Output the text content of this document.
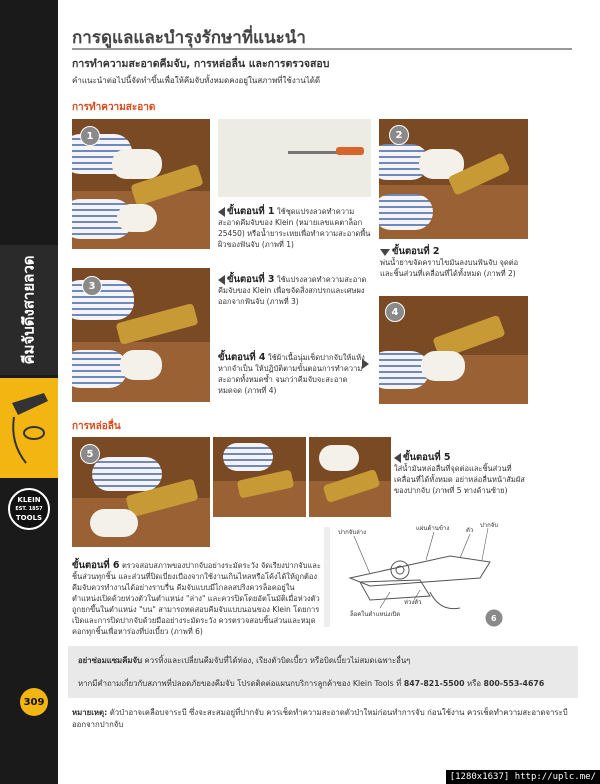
คีมจับดึงสายลวด
KLEIN
EST. 1857
TOOLS
309
การดูแลและบำรุงรักษาที่แนะนำ
การทำความสะอาดคีมจับ, การหล่อลื่น และการตรวจสอบ
คำแนะนำต่อไปนี้จัดทำขึ้นเพื่อให้คีมจับทั้งหมดคงอยู่ในสภาพที่ใช้งานได้ดี
การทำความสะอาด
1
ขั้นตอนที่ 1 ใช้ชุดแปรงลวดทำความสะอาดคีมจับของ Klein (หมายเลขแคตาล็อก 25450) หรือน้ำยาระเหยเพื่อทำความสะอาดพื้นผิวของฟันจับ (ภาพที่ 1)
2
ขั้นตอนที่ 2
พ่นน้ำยาขจัดคราบไขมันลงบนฟันจับ จุดต่อและชิ้นส่วนที่เคลื่อนที่ได้ทั้งหมด (ภาพที่ 2)
3
ขั้นตอนที่ 3 ใช้แปรงลวดทำความสะอาดคีมจับของ Klein เพื่อขจัดสิ่งสกปรกและเศษผงออกจากฟันจับ (ภาพที่ 3)
4
ขั้นตอนที่ 4 ใช้ผ้าเนื้อนุ่มเช็ดปากจับให้แห้ง หากจำเป็น ให้ปฏิบัติตามขั้นตอนการทำความสะอาดทั้งหมดซ้ำ จนกว่าคีมจับจะสะอาดหมดจด (ภาพที่ 4)
การหล่อลื่น
5	ขั้นตอนที่ 5
ใส่น้ำมันหล่อลื่นที่จุดต่อและชิ้นส่วนที่เคลื่อนที่ได้ทั้งหมด อย่าหล่อลื่นหน้าสัมผัสของปากจับ (ภาพที่ 5 ทางด้านซ้าย)
ขั้นตอนที่ 6 ตรวจสอบสภาพของปากจับอย่างระมัดระวัง จัดเรียงปากจับและชิ้นส่วนทุกชิ้น และส่วนที่ปิดเบี่ยงเบืองจากใช้งานเกินไหลหรือโค้งได้ให้ถูกต้อง คีมจับควรทำงานได้อย่างราบรื่น คีมจับแบบมีไกลลสปริงควรล็อคอยู่ในตำแหน่งเปิดด้วยห่วงตัวในตำแหน่ง "ล่าง" และควรปิดโดยอัตโนมัติเมื่อห่วงตัวถูกยกขึ้นในตำแหน่ง "บน" สามารถทดสอบคีมจับแบบนอนของ Klein โดยการเปิดและการปิดปากจับด้วยมืออย่างระมัดระวัง ควรตรวจสอบชิ้นส่วนและหมุดคอกทุกชิ้นเพื่อหาร่องที่บ่งเบี้ยว (ภาพที่ 6)
ปากจับล่าง
แผ่นด้านข้าง	ตัว
ปากจับ
ล็อคในตำแหน่งเปิด
ห่วงตัว
6
อย่าซ่อมแซมคีมจับ ควรทิ้งและเปลี่ยนคีมจับที่ได้ท่อง, เรียงตัวบิดเบี้ยว หรือบิดเบี้ยวไม่สมดเฉพาะอื่นๆ
หากมีคำถามเกี่ยวกับสภาพที่ปลอดภัยของคีมจับ โปรดติดต่อแผนกบริการลูกค้าของ Klein Tools ที่ 847-821-5500 หรือ 800-553-4676
หมายเหตุ: ตัวป่าอาจเคลือบจาระบี ซึ่งจะสะสมอยู่ที่ปากจับ ควรเช็ดทำความสะอาดตัวป่าใหม่ก่อนทำการจับ ก่อนใช้งาน ควรเช็ดทำความสะอาดจาระบีออกจากปากจับ
[1280x1637] http://uplc.me/
